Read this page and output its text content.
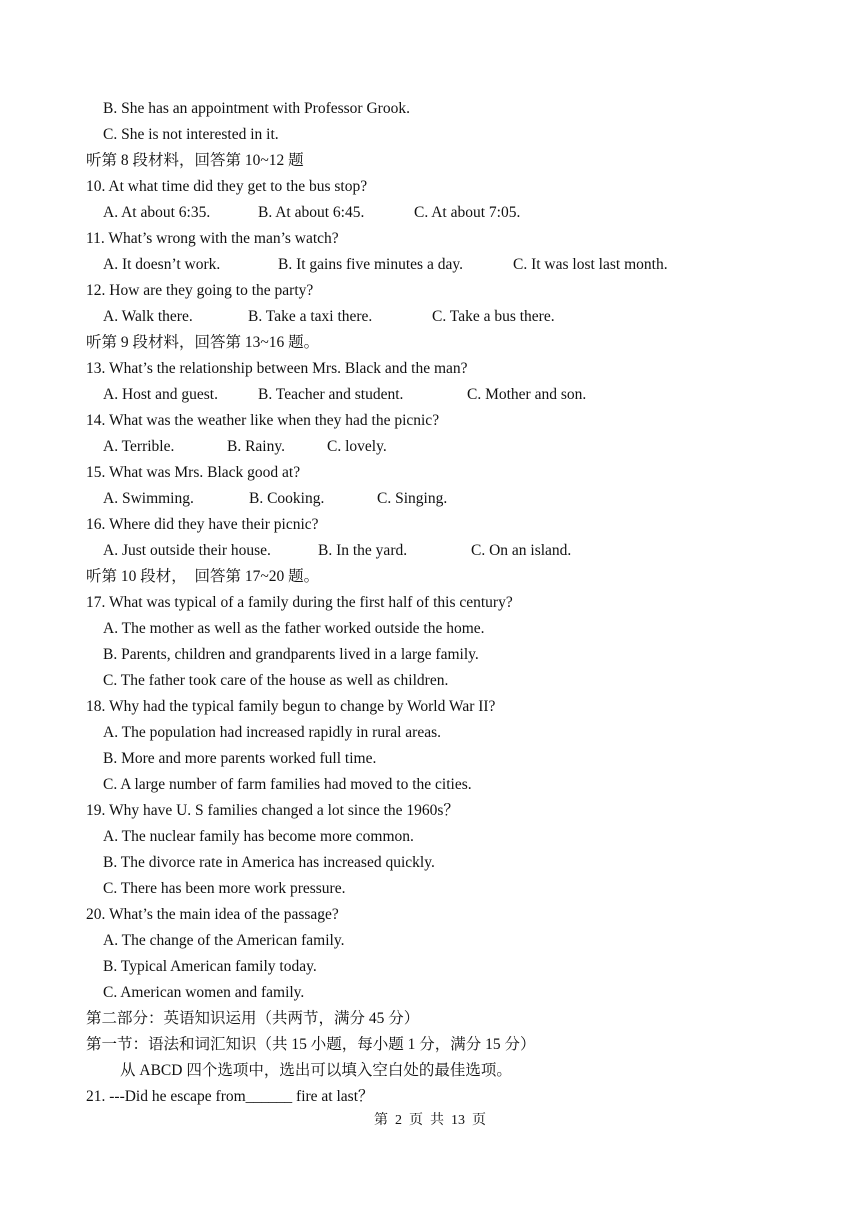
B. She has an appointment with Professor Grook.
C. She is not interested in it.
听第 8 段材料，回答第 10~12 题
10. At what time did they get to the bus stop?
A. At about 6:35.	B. At about 6:45.	C. At about 7:05.
11. What’s wrong with the man’s watch?
A. It doesn’t work.	B. It gains five minutes a day.	C. It was lost last month.
12. How are they going to the party?
A. Walk there.	B. Take a taxi there.	C. Take a bus there.
听第 9 段材料，回答第 13~16 题。
13. What’s the relationship between Mrs. Black and the man?
A. Host and guest.	B. Teacher and student.	C. Mother and son.
14. What was the weather like when they had the picnic?
A. Terrible.	B. Rainy.	C. lovely.
15. What was Mrs. Black good at?
A. Swimming.	B. Cooking.	C. Singing.
16. Where did they have their picnic?
A. Just outside their house.	B. In the yard.	C. On an island.
听第 10 段材，  回答第 17~20 题。
17. What was typical of a family during the first half of this century?
A. The mother as well as the father worked outside the home.
B. Parents, children and grandparents lived in a large family.
C. The father took care of the house as well as children.
18. Why had the typical family begun to change by World War II?
A. The population had increased rapidly in rural areas.
B. More and more parents worked full time.
C. A large number of farm families had moved to the cities.
19. Why have U. S families changed a lot since the 1960s？
A. The nuclear family has become more common.
B. The divorce rate in America has increased quickly.
C. There has been more work pressure.
20. What’s the main idea of the passage?
A. The change of the American family.
B. Typical American family today.
C. American women and family.
第二部分：英语知识运用（共两节，满分 45 分）
第一节：语法和词汇知识（共 15 小题，每小题 1 分，满分 15 分）
从 ABCD 四个选项中，选出可以填入空白处的最佳选项。
21. ---Did he escape from______ fire at last？
第  2  页  共  13  页
